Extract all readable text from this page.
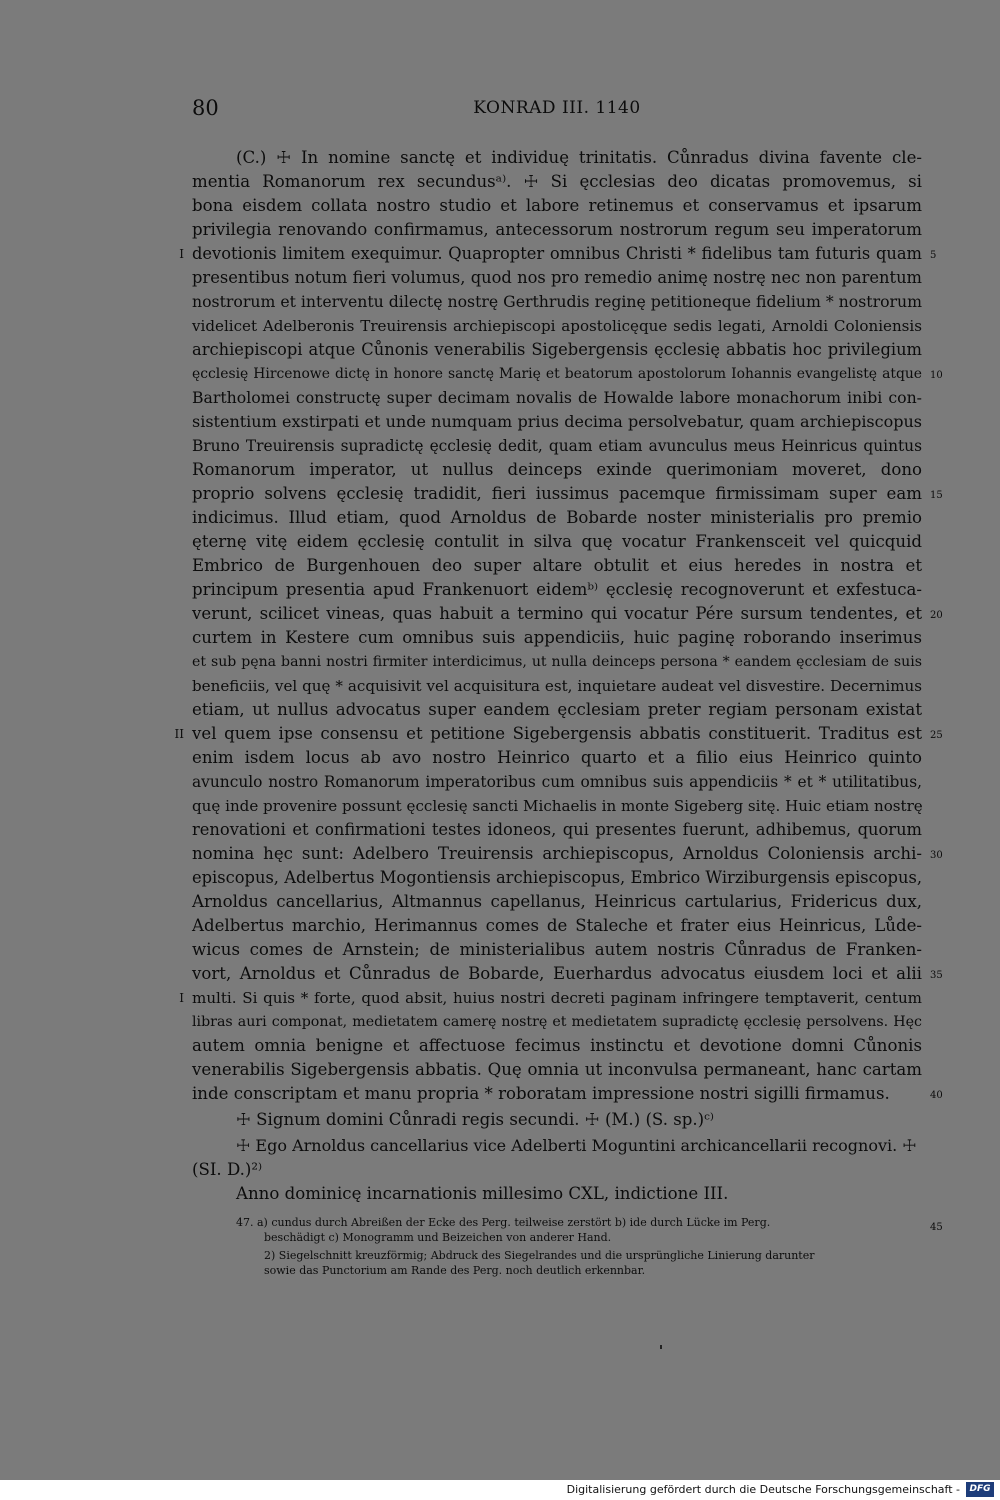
80	KONRAD III. 1140
(C.) ☩ In nomine sanctę et individuę trinitatis. Cůnradus divina favente cle-
mentia Romanorum rex secundusᵃ⁾. ☩ Si ęcclesias deo dicatas promovemus, si
bona eisdem collata nostro studio et labore retinemus et conservamus et ipsarum
privilegia renovando confirmamus, antecessorum nostrorum regum seu imperatorum
devotionis limitem exequimur. Quapropter omnibus Christi * fidelibus tam futuris quam
presentibus notum fieri volumus, quod nos pro remedio animę nostrę nec non parentum
nostrorum et interventu dilectę nostrę Gerthrudis reginę petitioneque fidelium * nostrorum
videlicet Adelberonis Treuirensis archiepiscopi apostolicęque sedis legati, Arnoldi Coloniensis
archiepiscopi atque Cůnonis venerabilis Sigebergensis ęcclesię abbatis hoc privilegium
ęcclesię Hircenowe dictę in honore sanctę Marię et beatorum apostolorum Iohannis evangelistę atque
Bartholomei constructę super decimam novalis de Howalde labore monachorum inibi con-
sistentium exstirpati et unde numquam prius decima persolvebatur, quam archiepiscopus
Bruno Treuirensis supradictę ęcclesię dedit, quam etiam avunculus meus Heinricus quintus
Romanorum imperator, ut nullus deinceps exinde querimoniam moveret, dono
proprio solvens ęcclesię tradidit, fieri iussimus pacemque firmissimam super eam
indicimus. Illud etiam, quod Arnoldus de Bobarde noster ministerialis pro premio
ęternę vitę eidem ęcclesię contulit in silva quę vocatur Frankensceit vel quicquid
Embrico de Burgenhouen deo super altare obtulit et eius heredes in nostra et
principum presentia apud Frankenuort eidemᵇ⁾ ęcclesię recognoverunt et exfestuca-
verunt, scilicet vineas, quas habuit a termino qui vocatur Pére sursum tendentes, et
curtem in Kestere cum omnibus suis appendiciis, huic paginę roborando inserimus
et sub pęna banni nostri firmiter interdicimus, ut nulla deinceps persona * eandem ęcclesiam de suis
beneficiis, vel quę * acquisivit vel acquisitura est, inquietare audeat vel disvestire. Decernimus
etiam, ut nullus advocatus super eandem ęcclesiam preter regiam personam existat
vel quem ipse consensu et petitione Sigebergensis abbatis constituerit. Traditus est
enim isdem locus ab avo nostro Heinrico quarto et a filio eius Heinrico quinto
avunculo nostro Romanorum imperatoribus cum omnibus suis appendiciis * et * utilitatibus,
quę inde provenire possunt ęcclesię sancti Michaelis in monte Sigeberg sitę. Huic etiam nostrę
renovationi et confirmationi testes idoneos, qui presentes fuerunt, adhibemus, quorum
nomina hęc sunt: Adelbero Treuirensis archiepiscopus, Arnoldus Coloniensis archi-
episcopus, Adelbertus Mogontiensis archiepiscopus, Embrico Wirziburgensis episcopus,
Arnoldus cancellarius, Altmannus capellanus, Heinricus cartularius, Fridericus dux,
Adelbertus marchio, Herimannus comes de Staleche et frater eius Heinricus, Lůde-
wicus comes de Arnstein; de ministerialibus autem nostris Cůnradus de Franken-
vort, Arnoldus et Cůnradus de Bobarde, Euerhardus advocatus eiusdem loci et alii
multi. Si quis * forte, quod absit, huius nostri decreti paginam infringere temptaverit, centum
libras auri componat, medietatem camerę nostrę et medietatem supradictę ęcclesię persolvens. Hęc
autem omnia benigne et affectuose fecimus instinctu et devotione domni Cůnonis
venerabilis Sigebergensis abbatis. Quę omnia ut inconvulsa permaneant, hanc cartam
inde conscriptam et manu propria * roboratam impressione nostri sigilli firmamus.
☩ Signum domini Cůnradi regis secundi. ☩ (M.) (S. sp.)ᶜ⁾
☩ Ego Arnoldus cancellarius vice Adelberti Moguntini archicancellarii recognovi. ☩
(SI. D.)²⁾
Anno dominicę incarnationis millesimo CXL, indictione III.
I
II
I
5
10
15
20
25
30
35
40
45
47. a) cundus durch Abreißen der Ecke des Perg. teilweise zerstört b) ide durch Lücke im Perg.
beschädigt c) Monogramm und Beizeichen von anderer Hand.
2) Siegelschnitt kreuzförmig; Abdruck des Siegelrandes und die ursprüngliche Linierung darunter
sowie das Punctorium am Rande des Perg. noch deutlich erkennbar.
Digitalisierung gefördert durch die Deutsche Forschungsgemeinschaft -	DFG
